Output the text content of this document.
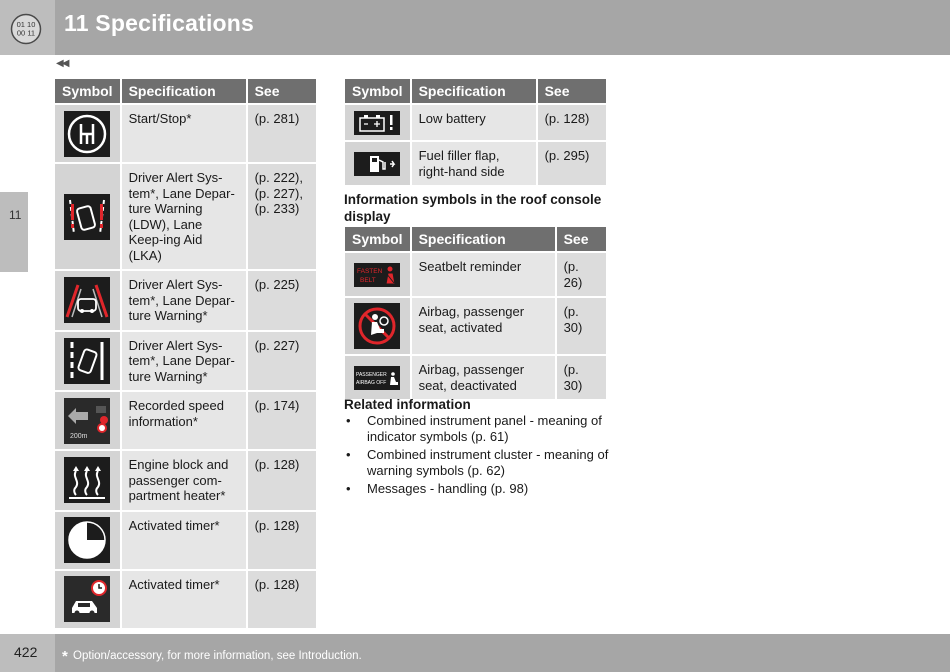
01 10
00 11 11 Specifications
◀◀
11
Symbol	Specification	See

	Start/Stop*	(p. 281)

	Driver Alert Sys-tem*, Lane Depar-ture Warning (LDW), Lane Keep-ing Aid (LKA)	(p. 222),
(p. 227),
(p. 233)

	Driver Alert Sys-tem*, Lane Depar-ture Warning*	(p. 225)

	Driver Alert Sys-tem*, Lane Depar-ture Warning*	(p. 227)

200m	Recorded speed information*	(p. 174)

	Engine block and passenger com-partment heater*	(p. 128)

	Activated timer*	(p. 128)

	Activated timer*	(p. 128)
Symbol	Specification	See

	Low battery	(p. 128)

	Fuel filler flap, right-hand side	(p. 295)
Information symbols in the roof console display
Symbol	Specification	See

FASTEN
BELT	Seatbelt reminder	(p. 26)

	Airbag, passenger seat, activated	(p. 30)

PASSENGER
AIRBAG OFF	Airbag, passenger seat, deactivated	(p. 30)
Related information
• Combined instrument panel - meaning of indicator symbols (p. 61)
• Combined instrument cluster - meaning of warning symbols (p. 62)
• Messages - handling (p. 98)
422 * Option/accessory, for more information, see Introduction.
